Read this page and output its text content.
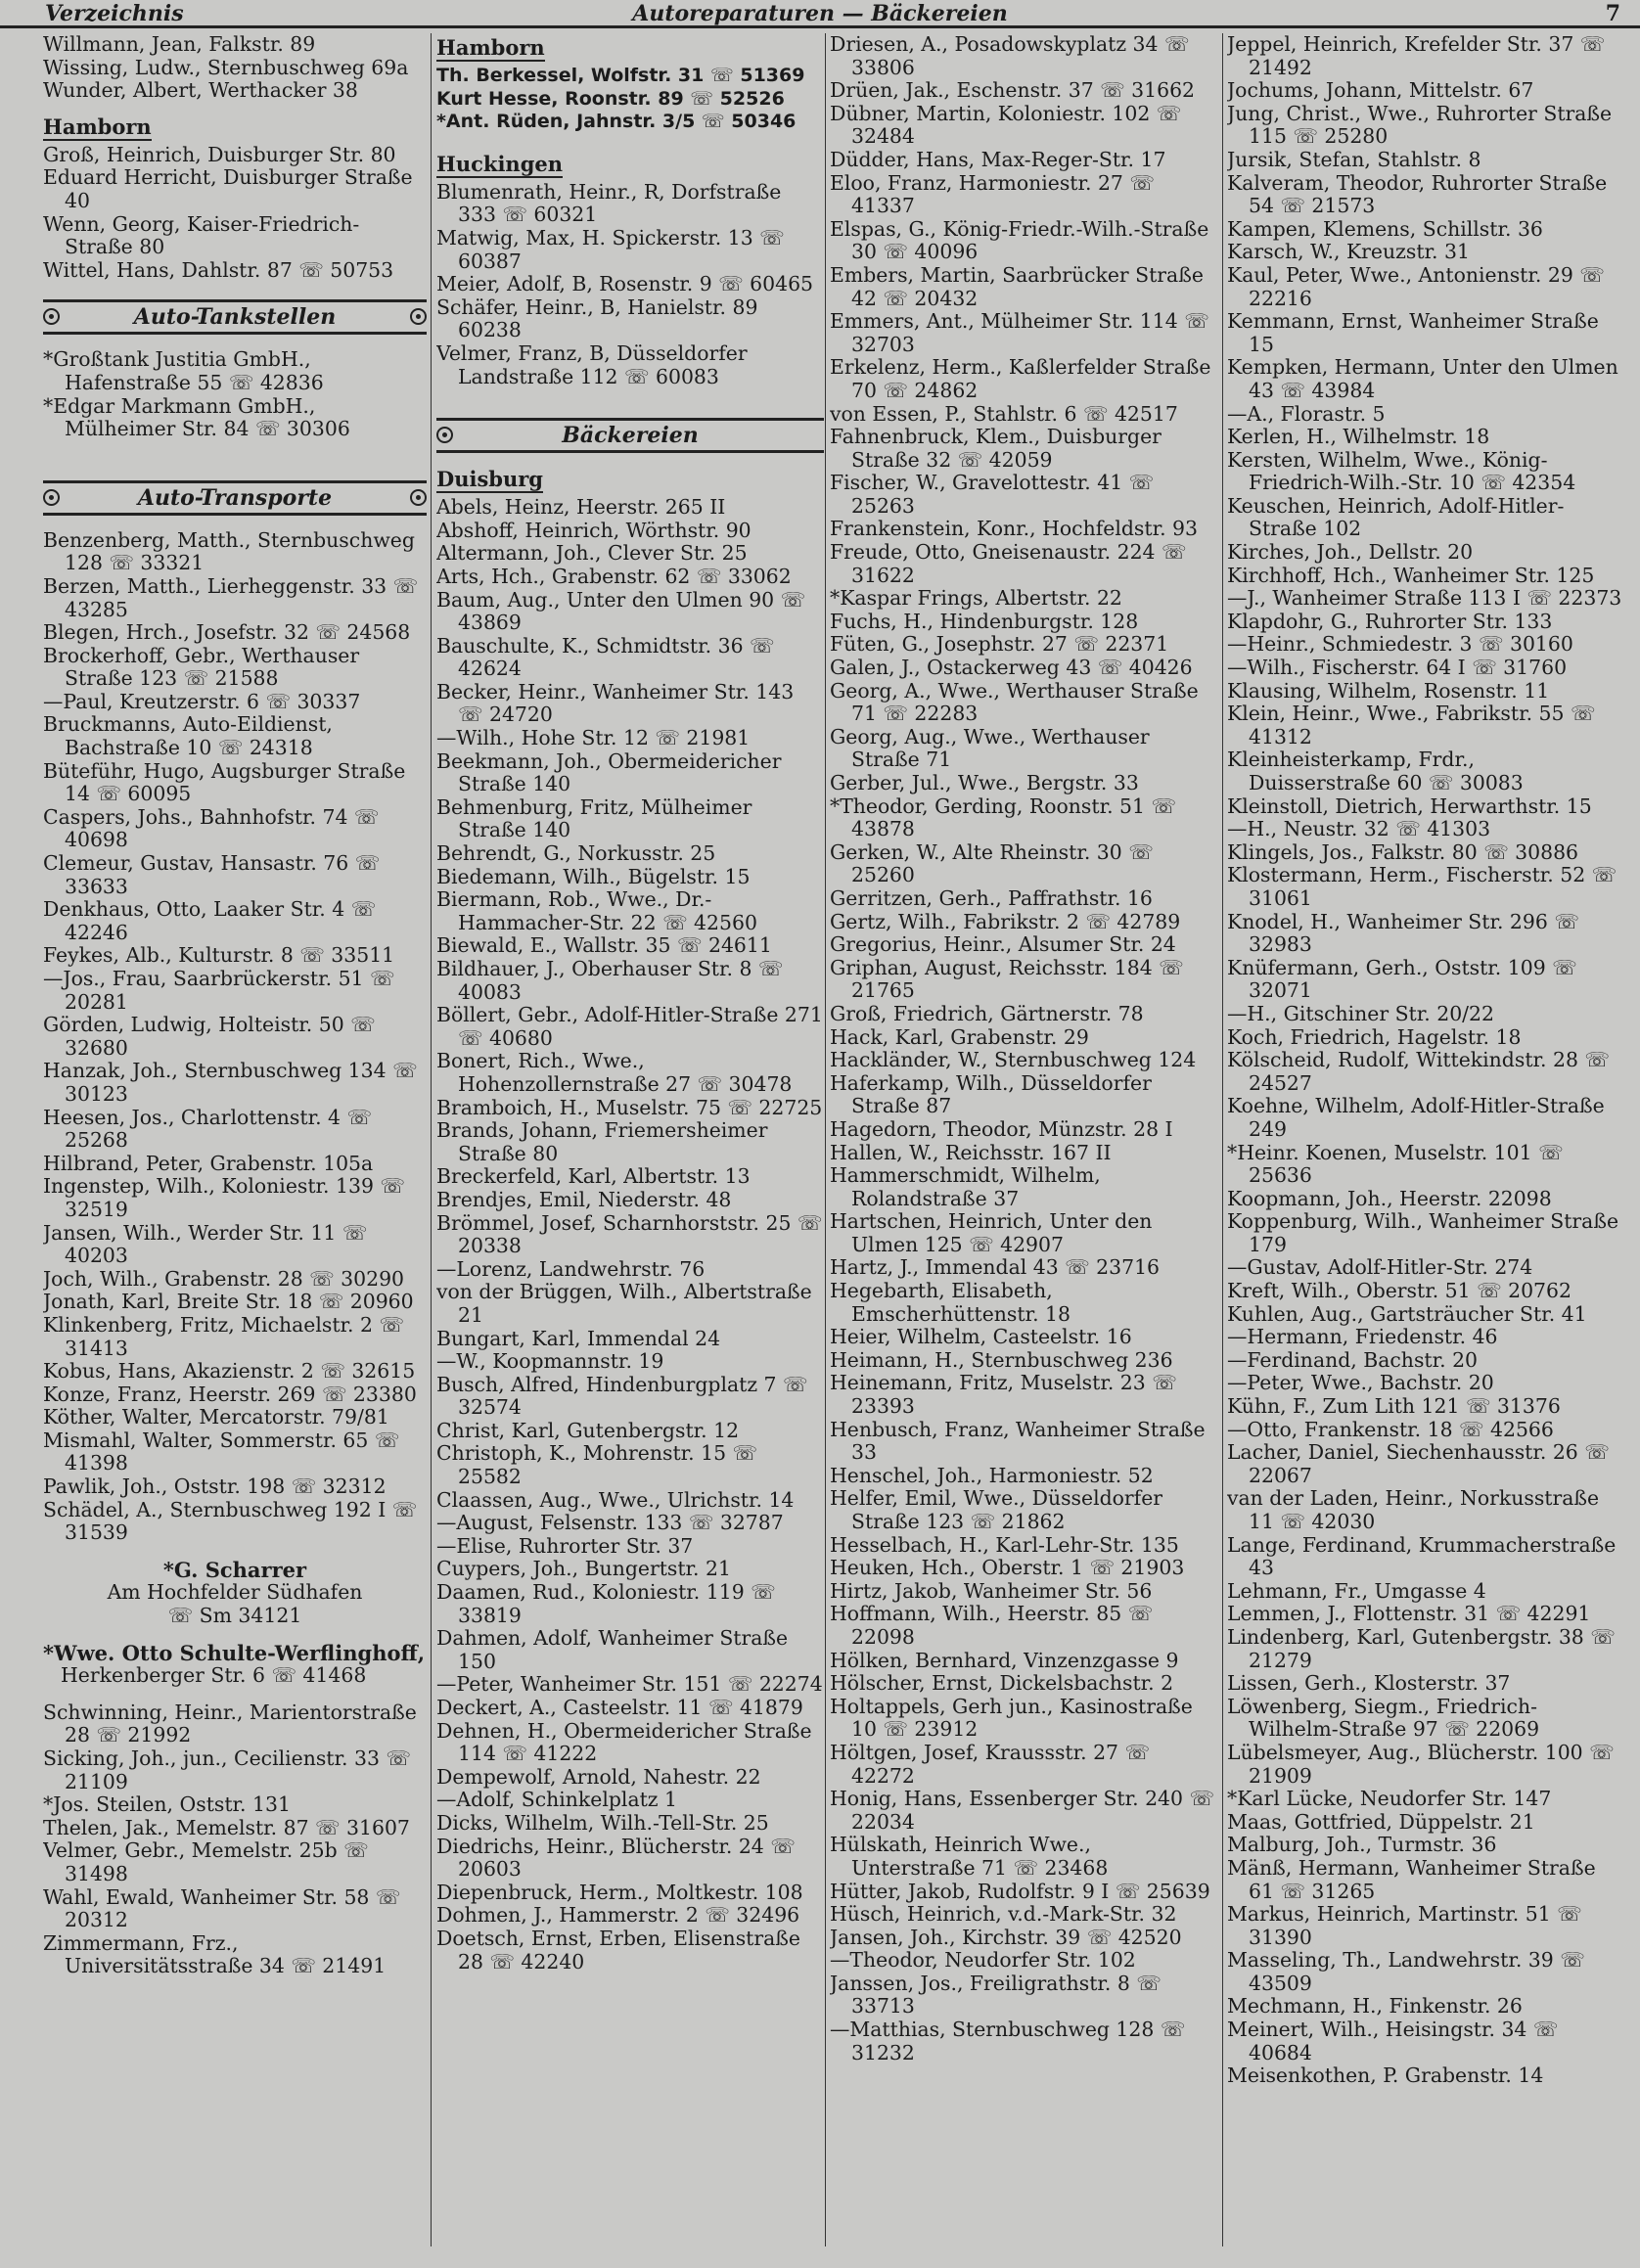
Verzeichnis	Autoreparaturen — Bäckereien	7

Willmann, Jean, Falkstr. 89

Wissing, Ludw., Sternbuschweg 69a

Wunder, Albert, Werthacker 38

Hamborn

Groß, Heinrich, Duisburger Str. 80

Eduard Herricht, Duisburger Straße 40

Wenn, Georg, Kaiser-Friedrich-Straße 80

Wittel, Hans, Dahlstr. 87 ☏ 50753

Auto-Tankstellen

*Großtank Justitia GmbH., Hafenstraße 55 ☏ 42836

*Edgar Markmann GmbH., Mülheimer Str. 84 ☏ 30306

Auto-Transporte

Benzenberg, Matth., Sternbuschweg 128 ☏ 33321

Berzen, Matth., Lierheggenstr. 33 ☏ 43285

Blegen, Hrch., Josefstr. 32 ☏ 24568

Brockerhoff, Gebr., Werthauser Straße 123 ☏ 21588

—Paul, Kreutzerstr. 6 ☏ 30337

Bruckmanns, Auto-Eildienst, Bachstraße 10 ☏ 24318

Büteführ, Hugo, Augsburger Straße 14 ☏ 60095

Caspers, Johs., Bahnhofstr. 74 ☏ 40698

Clemeur, Gustav, Hansastr. 76 ☏ 33633

Denkhaus, Otto, Laaker Str. 4 ☏ 42246

Feykes, Alb., Kulturstr. 8 ☏ 33511

—Jos., Frau, Saarbrückerstr. 51 ☏ 20281

Görden, Ludwig, Holteistr. 50 ☏ 32680

Hanzak, Joh., Sternbuschweg 134 ☏ 30123

Heesen, Jos., Charlottenstr. 4 ☏ 25268

Hilbrand, Peter, Grabenstr. 105a

Ingenstep, Wilh., Koloniestr. 139 ☏ 32519

Jansen, Wilh., Werder Str. 11 ☏ 40203

Joch, Wilh., Grabenstr. 28 ☏ 30290

Jonath, Karl, Breite Str. 18 ☏ 20960

Klinkenberg, Fritz, Michaelstr. 2 ☏ 31413

Kobus, Hans, Akazienstr. 2 ☏ 32615

Konze, Franz, Heerstr. 269 ☏ 23380

Köther, Walter, Mercatorstr. 79/81

Mismahl, Walter, Sommerstr. 65 ☏ 41398

Pawlik, Joh., Oststr. 198 ☏ 32312

Schädel, A., Sternbuschweg 192 I ☏ 31539

*G. Scharrer

Am Hochfelder Südhafen

☏ Sm 34121

*Wwe. Otto Schulte-Werflinghoff,

Herkenberger Str. 6 ☏ 41468

Schwinning, Heinr., Marientorstraße 28 ☏ 21992

Sicking, Joh., jun., Cecilienstr. 33 ☏ 21109

*Jos. Steilen, Oststr. 131

Thelen, Jak., Memelstr. 87 ☏ 31607

Velmer, Gebr., Memelstr. 25b ☏ 31498

Wahl, Ewald, Wanheimer Str. 58 ☏ 20312

Zimmermann, Frz., Universitätsstraße 34 ☏ 21491

Hamborn

Th. Berkessel, Wolfstr. 31 ☏ 51369

Kurt Hesse, Roonstr. 89 ☏ 52526

*Ant. Rüden, Jahnstr. 3/5 ☏ 50346

Huckingen

Blumenrath, Heinr., R, Dorfstraße 333 ☏ 60321

Matwig, Max, H. Spickerstr. 13 ☏ 60387

Meier, Adolf, B, Rosenstr. 9 ☏ 60465

Schäfer, Heinr., B, Hanielstr. 89 60238

Velmer, Franz, B, Düsseldorfer Landstraße 112 ☏ 60083

Bäckereien
Duisburg

Abels, Heinz, Heerstr. 265 II

Abshoff, Heinrich, Wörthstr. 90

Altermann, Joh., Clever Str. 25

Arts, Hch., Grabenstr. 62 ☏ 33062

Baum, Aug., Unter den Ulmen 90 ☏ 43869

Bauschulte, K., Schmidtstr. 36 ☏ 42624

Becker, Heinr., Wanheimer Str. 143 ☏ 24720

—Wilh., Hohe Str. 12 ☏ 21981

Beekmann, Joh., Obermeidericher Straße 140

Behmenburg, Fritz, Mülheimer Straße 140

Behrendt, G., Norkusstr. 25

Biedemann, Wilh., Bügelstr. 15

Biermann, Rob., Wwe., Dr.-Hammacher-Str. 22 ☏ 42560

Biewald, E., Wallstr. 35 ☏ 24611

Bildhauer, J., Oberhauser Str. 8 ☏ 40083

Böllert, Gebr., Adolf-Hitler-Straße 271 ☏ 40680

Bonert, Rich., Wwe., Hohenzollernstraße 27 ☏ 30478

Bramboich, H., Muselstr. 75 ☏ 22725

Brands, Johann, Friemersheimer Straße 80

Breckerfeld, Karl, Albertstr. 13

Brendjes, Emil, Niederstr. 48

Brömmel, Josef, Scharnhorststr. 25 ☏ 20338

—Lorenz, Landwehrstr. 76

von der Brüggen, Wilh., Albertstraße 21

Bungart, Karl, Immendal 24

—W., Koopmannstr. 19

Busch, Alfred, Hindenburgplatz 7 ☏ 32574

Christ, Karl, Gutenbergstr. 12

Christoph, K., Mohrenstr. 15 ☏ 25582

Claassen, Aug., Wwe., Ulrichstr. 14

—August, Felsenstr. 133 ☏ 32787

—Elise, Ruhrorter Str. 37

Cuypers, Joh., Bungertstr. 21

Daamen, Rud., Koloniestr. 119 ☏ 33819

Dahmen, Adolf, Wanheimer Straße 150

—Peter, Wanheimer Str. 151 ☏ 22274

Deckert, A., Casteelstr. 11 ☏ 41879

Dehnen, H., Obermeidericher Straße 114 ☏ 41222

Dempewolf, Arnold, Nahestr. 22

—Adolf, Schinkelplatz 1

Dicks, Wilhelm, Wilh.-Tell-Str. 25

Diedrichs, Heinr., Blücherstr. 24 ☏ 20603

Diepenbruck, Herm., Moltkestr. 108

Dohmen, J., Hammerstr. 2 ☏ 32496

Doetsch, Ernst, Erben, Elisenstraße 28 ☏ 42240

Driesen, A., Posadowskyplatz 34 ☏ 33806

Drüen, Jak., Eschenstr. 37 ☏ 31662

Dübner, Martin, Koloniestr. 102 ☏ 32484

Düdder, Hans, Max-Reger-Str. 17

Eloo, Franz, Harmoniestr. 27 ☏ 41337

Elspas, G., König-Friedr.-Wilh.-Straße 30 ☏ 40096

Embers, Martin, Saarbrücker Straße 42 ☏ 20432

Emmers, Ant., Mülheimer Str. 114 ☏ 32703

Erkelenz, Herm., Kaßlerfelder Straße 70 ☏ 24862

von Essen, P., Stahlstr. 6 ☏ 42517

Fahnenbruck, Klem., Duisburger Straße 32 ☏ 42059

Fischer, W., Gravelottestr. 41 ☏ 25263

Frankenstein, Konr., Hochfeldstr. 93

Freude, Otto, Gneisenaustr. 224 ☏ 31622

*Kaspar Frings, Albertstr. 22

Fuchs, H., Hindenburgstr. 128

Füten, G., Josephstr. 27 ☏ 22371

Galen, J., Ostackerweg 43 ☏ 40426

Georg, A., Wwe., Werthauser Straße 71 ☏ 22283

Georg, Aug., Wwe., Werthauser Straße 71

Gerber, Jul., Wwe., Bergstr. 33

*Theodor, Gerding, Roonstr. 51 ☏ 43878

Gerken, W., Alte Rheinstr. 30 ☏ 25260

Gerritzen, Gerh., Paffrathstr. 16

Gertz, Wilh., Fabrikstr. 2 ☏ 42789

Gregorius, Heinr., Alsumer Str. 24

Griphan, August, Reichsstr. 184 ☏ 21765

Groß, Friedrich, Gärtnerstr. 78

Hack, Karl, Grabenstr. 29

Hackländer, W., Sternbuschweg 124

Haferkamp, Wilh., Düsseldorfer Straße 87

Hagedorn, Theodor, Münzstr. 28 I

Hallen, W., Reichsstr. 167 II

Hammerschmidt, Wilhelm, Rolandstraße 37

Hartschen, Heinrich, Unter den Ulmen 125 ☏ 42907

Hartz, J., Immendal 43 ☏ 23716

Hegebarth, Elisabeth, Emscherhüttenstr. 18

Heier, Wilhelm, Casteelstr. 16

Heimann, H., Sternbuschweg 236

Heinemann, Fritz, Muselstr. 23 ☏ 23393

Henbusch, Franz, Wanheimer Straße 33

Henschel, Joh., Harmoniestr. 52

Helfer, Emil, Wwe., Düsseldorfer Straße 123 ☏ 21862

Hesselbach, H., Karl-Lehr-Str. 135

Heuken, Hch., Oberstr. 1 ☏ 21903

Hirtz, Jakob, Wanheimer Str. 56

Hoffmann, Wilh., Heerstr. 85 ☏ 22098

Hölken, Bernhard, Vinzenzgasse 9

Hölscher, Ernst, Dickelsbachstr. 2

Holtappels, Gerh jun., Kasinostraße 10 ☏ 23912

Höltgen, Josef, Kraussstr. 27 ☏ 42272

Honig, Hans, Essenberger Str. 240 ☏ 22034

Hülskath, Heinrich Wwe., Unterstraße 71 ☏ 23468

Hütter, Jakob, Rudolfstr. 9 I ☏ 25639

Hüsch, Heinrich, v.d.-Mark-Str. 32

Jansen, Joh., Kirchstr. 39 ☏ 42520

—Theodor, Neudorfer Str. 102

Janssen, Jos., Freiligrathstr. 8 ☏ 33713

—Matthias, Sternbuschweg 128 ☏ 31232

Jeppel, Heinrich, Krefelder Str. 37 ☏ 21492

Jochums, Johann, Mittelstr. 67

Jung, Christ., Wwe., Ruhrorter Straße 115 ☏ 25280

Jursik, Stefan, Stahlstr. 8

Kalveram, Theodor, Ruhrorter Straße 54 ☏ 21573

Kampen, Klemens, Schillstr. 36

Karsch, W., Kreuzstr. 31

Kaul, Peter, Wwe., Antonienstr. 29 ☏ 22216

Kemmann, Ernst, Wanheimer Straße 15

Kempken, Hermann, Unter den Ulmen 43 ☏ 43984

—A., Florastr. 5

Kerlen, H., Wilhelmstr. 18

Kersten, Wilhelm, Wwe., König-Friedrich-Wilh.-Str. 10 ☏ 42354

Keuschen, Heinrich, Adolf-Hitler-Straße 102

Kirches, Joh., Dellstr. 20

Kirchhoff, Hch., Wanheimer Str. 125

—J., Wanheimer Straße 113 I ☏ 22373

Klapdohr, G., Ruhrorter Str. 133

—Heinr., Schmiedestr. 3 ☏ 30160

—Wilh., Fischerstr. 64 I ☏ 31760

Klausing, Wilhelm, Rosenstr. 11

Klein, Heinr., Wwe., Fabrikstr. 55 ☏ 41312

Kleinheisterkamp, Frdr., Duisserstraße 60 ☏ 30083

Kleinstoll, Dietrich, Herwarthstr. 15

—H., Neustr. 32 ☏ 41303

Klingels, Jos., Falkstr. 80 ☏ 30886

Klostermann, Herm., Fischerstr. 52 ☏ 31061

Knodel, H., Wanheimer Str. 296 ☏ 32983

Knüfermann, Gerh., Oststr. 109 ☏ 32071

—H., Gitschiner Str. 20/22

Koch, Friedrich, Hagelstr. 18

Kölscheid, Rudolf, Wittekindstr. 28 ☏ 24527

Koehne, Wilhelm, Adolf-Hitler-Straße 249

*Heinr. Koenen, Muselstr. 101 ☏ 25636

Koopmann, Joh., Heerstr. 22098

Koppenburg, Wilh., Wanheimer Straße 179

—Gustav, Adolf-Hitler-Str. 274

Kreft, Wilh., Oberstr. 51 ☏ 20762

Kuhlen, Aug., Gartsträucher Str. 41

—Hermann, Friedenstr. 46

—Ferdinand, Bachstr. 20

—Peter, Wwe., Bachstr. 20

Kühn, F., Zum Lith 121 ☏ 31376

—Otto, Frankenstr. 18 ☏ 42566

Lacher, Daniel, Siechenhausstr. 26 ☏ 22067

van der Laden, Heinr., Norkusstraße 11 ☏ 42030

Lange, Ferdinand, Krummacherstraße 43

Lehmann, Fr., Umgasse 4

Lemmen, J., Flottenstr. 31 ☏ 42291

Lindenberg, Karl, Gutenbergstr. 38 ☏ 21279

Lissen, Gerh., Klosterstr. 37

Löwenberg, Siegm., Friedrich-Wilhelm-Straße 97 ☏ 22069

Lübelsmeyer, Aug., Blücherstr. 100 ☏ 21909

*Karl Lücke, Neudorfer Str. 147

Maas, Gottfried, Düppelstr. 21

Malburg, Joh., Turmstr. 36

Mänß, Hermann, Wanheimer Straße 61 ☏ 31265

Markus, Heinrich, Martinstr. 51 ☏ 31390

Masseling, Th., Landwehrstr. 39 ☏ 43509

Mechmann, H., Finkenstr. 26

Meinert, Wilh., Heisingstr. 34 ☏ 40684

Meisenkothen, P. Grabenstr. 14
